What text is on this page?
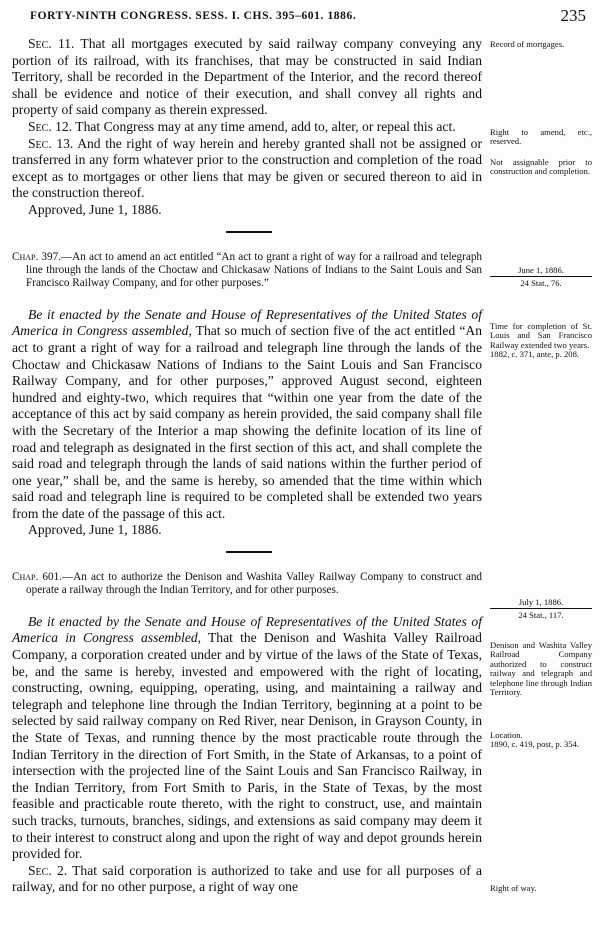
FORTY-NINTH CONGRESS. SESS. I. CHS. 395–601. 1886.	235

Sec. 11. That all mortgages executed by said railway company conveying any portion of its railroad, with its franchises, that may be constructed in said Indian Territory, shall be recorded in the Department of the Interior, and the record thereof shall be evidence and notice of their execution, and shall convey all rights and property of said company as therein expressed.

Sec. 12. That Congress may at any time amend, add to, alter, or repeal this act.

Sec. 13. And the right of way herein and hereby granted shall not be assigned or transferred in any form whatever prior to the construction and completion of the road except as to mortgages or other liens that may be given or secured thereon to aid in the construction thereof.

Approved, June 1, 1886.

Chap. 397.—An act to amend an act entitled “An act to grant a right of way for a railroad and telegraph line through the lands of the Choctaw and Chickasaw Nations of Indians to the Saint Louis and San Francisco Railway Company, and for other purposes.”

Be it enacted by the Senate and House of Representatives of the United States of America in Congress assembled, That so much of section five of the act entitled “An act to grant a right of way for a railroad and telegraph line through the lands of the Choctaw and Chickasaw Nations of Indians to the Saint Louis and San Francisco Railway Company, and for other purposes,” approved August second, eighteen hundred and eighty-two, which requires that “within one year from the date of the acceptance of this act by said company as herein provided, the said company shall file with the Secretary of the Interior a map showing the definite location of its line of road and telegraph as designated in the first section of this act, and shall complete the said road and telegraph through the lands of said nations within the further period of one year,” shall be, and the same is hereby, so amended that the time within which said road and telegraph line is required to be completed shall be extended two years from the date of the passage of this act.

Approved, June 1, 1886.

Chap. 601.—An act to authorize the Denison and Washita Valley Railway Company to construct and operate a railway through the Indian Territory, and for other purposes.

Be it enacted by the Senate and House of Representatives of the United States of America in Congress assembled, That the Denison and Washita Valley Railroad Company, a corporation created under and by virtue of the laws of the State of Texas, be, and the same is hereby, invested and empowered with the right of locating, constructing, owning, equipping, operating, using, and maintaining a railway and telegraph and telephone line through the Indian Territory, beginning at a point to be selected by said railway company on Red River, near Denison, in Grayson County, in the State of Texas, and running thence by the most practicable route through the Indian Territory in the direction of Fort Smith, in the State of Arkansas, to a point of intersection with the projected line of the Saint Louis and San Francisco Railway, in the Indian Territory, from Fort Smith to Paris, in the State of Texas, by the most feasible and practicable route thereto, with the right to construct, use, and maintain such tracks, turnouts, branches, sidings, and extensions as said company may deem it to their interest to construct along and upon the right of way and depot grounds herein provided for.

Sec. 2. That said corporation is authorized to take and use for all purposes of a railway, and for no other purpose, a right of way one

Record of mortgages.
Right to amend, etc., reserved.
Not assignable prior to construction and completion.
June 1, 1886.
24 Stat., 76.
Time for completion of St. Louis and San Francisco Railway extended two years.
1882, c. 371, ante, p. 208.
July 1, 1886.
24 Stat., 117.
Denison and Washita Valley Railroad Company authorized to construct railway and telegraph and telephone line through Indian Territory.
Location.
1890, c. 419, post, p. 354.
Right of way.
